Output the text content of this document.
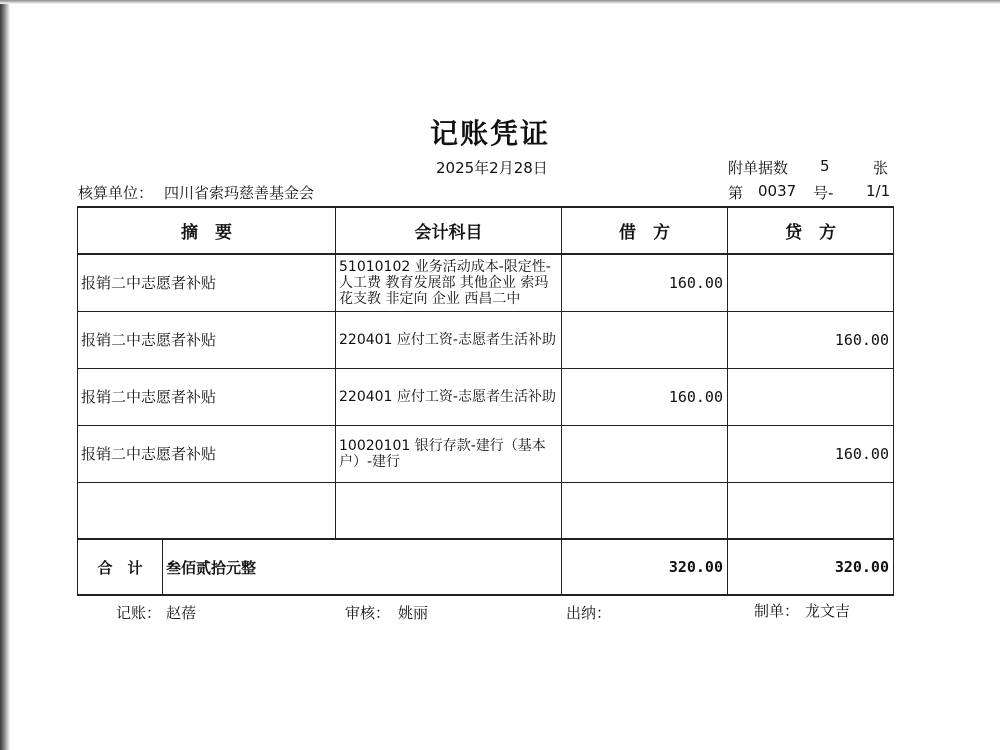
记账凭证
2025年2月28日	附单据数 5	张
核算单位： 四川省索玛慈善基金会	第 0037 号- 1/1
摘　要		会计科目	借　方	贷　方
报销二中志愿者补贴		51010102 业务活动成本-限定性-人工费 教育发展部 其他企业 索玛花支教 非定向 企业 西昌二中	160.00	
报销二中志愿者补贴		220401 应付工资-志愿者生活补助		160.00
报销二中志愿者补贴		220401 应付工资-志愿者生活补助	160.00	
报销二中志愿者补贴		10020101 银行存款-建行（基本户）-建行		160.00

合　计	叁佰贰拾元整		320.00	320.00
记账： 赵蓓	审核： 姚丽	出纳：	制单： 龙文吉
